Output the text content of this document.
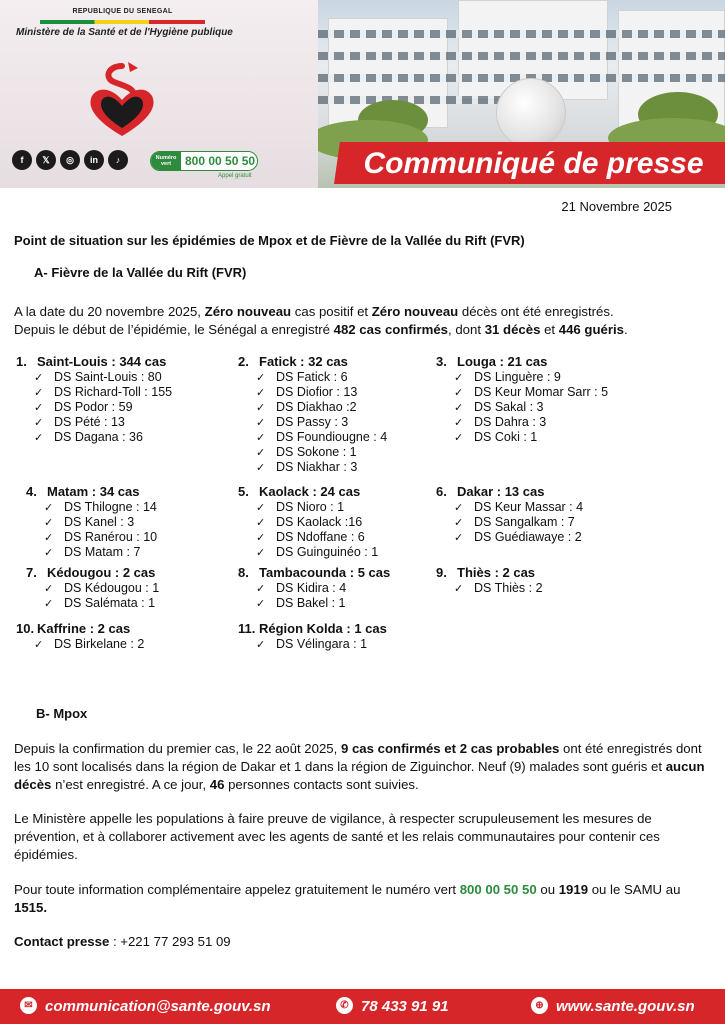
REPUBLIQUE DU SENEGAL
Ministère de la Santé et de l'Hygiène publique
f	𝕏	◎	in	♪	Numéro vert	800 00 50 50
Appel gratuit	Communiqué de presse
21 Novembre 2025
Point de situation sur les épidémies de Mpox et de Fièvre de la Vallée du Rift (FVR)
A- Fièvre de la Vallée du Rift (FVR)
A la date du 20 novembre 2025, Zéro nouveau cas positif et Zéro nouveau décès ont été enregistrés.
Depuis le début de l’épidémie, le Sénégal a enregistré 482 cas confirmés, dont 31 décès et 446 guéris.
1. Saint-Louis : 344 cas
✓ DS Saint-Louis : 80
✓ DS Richard-Toll : 155
✓ DS Podor : 59
✓ DS Pété : 13
✓ DS Dagana : 36
2. Fatick : 32 cas
✓ DS Fatick : 6
✓ DS Diofior : 13
✓ DS Diakhao :2
✓ DS Passy : 3
✓ DS Foundiougne : 4
✓ DS Sokone : 1
✓ DS Niakhar : 3
3. Louga : 21 cas
✓ DS Linguère : 9
✓ DS Keur Momar Sarr : 5
✓ DS Sakal : 3
✓ DS Dahra : 3
✓ DS Coki : 1
4. Matam : 34 cas
✓ DS Thilogne : 14
✓ DS Kanel : 3
✓ DS Ranérou : 10
✓ DS Matam : 7
5. Kaolack : 24 cas
✓ DS Nioro : 1
✓ DS Kaolack :16
✓ DS Ndoffane : 6
✓ DS Guinguinéo : 1
6. Dakar : 13 cas
✓ DS Keur Massar : 4
✓ DS Sangalkam : 7
✓ DS Guédiawaye : 2
7. Kédougou : 2 cas
✓ DS Kédougou : 1
✓ DS Salémata : 1
8. Tambacounda : 5 cas
✓ DS Kidira : 4
✓ DS Bakel : 1
9. Thiès : 2 cas
✓ DS Thiès : 2
10. Kaffrine : 2 cas
✓ DS Birkelane : 2
11. Région Kolda : 1 cas
✓ DS Vélingara : 1
B- Mpox
Depuis la confirmation du premier cas, le 22 août 2025, 9 cas confirmés et 2 cas probables ont été enregistrés dont les 10 sont localisés dans la région de Dakar et 1 dans la région de Ziguinchor. Neuf (9) malades sont guéris et aucun décès n’est enregistré. A ce jour, 46 personnes contacts sont suivies.
Le Ministère appelle les populations à faire preuve de vigilance, à respecter scrupuleusement les mesures de prévention, et à collaborer activement avec les agents de santé et les relais communautaires pour contenir ces épidémies.
Pour toute information complémentaire appelez gratuitement le numéro vert 800 00 50 50 ou 1919 ou le SAMU au 1515.
Contact presse : +221 77 293 51 09
✉ communication@sante.gouv.sn	✆ 78 433 91 91	⊕ www.sante.gouv.sn
